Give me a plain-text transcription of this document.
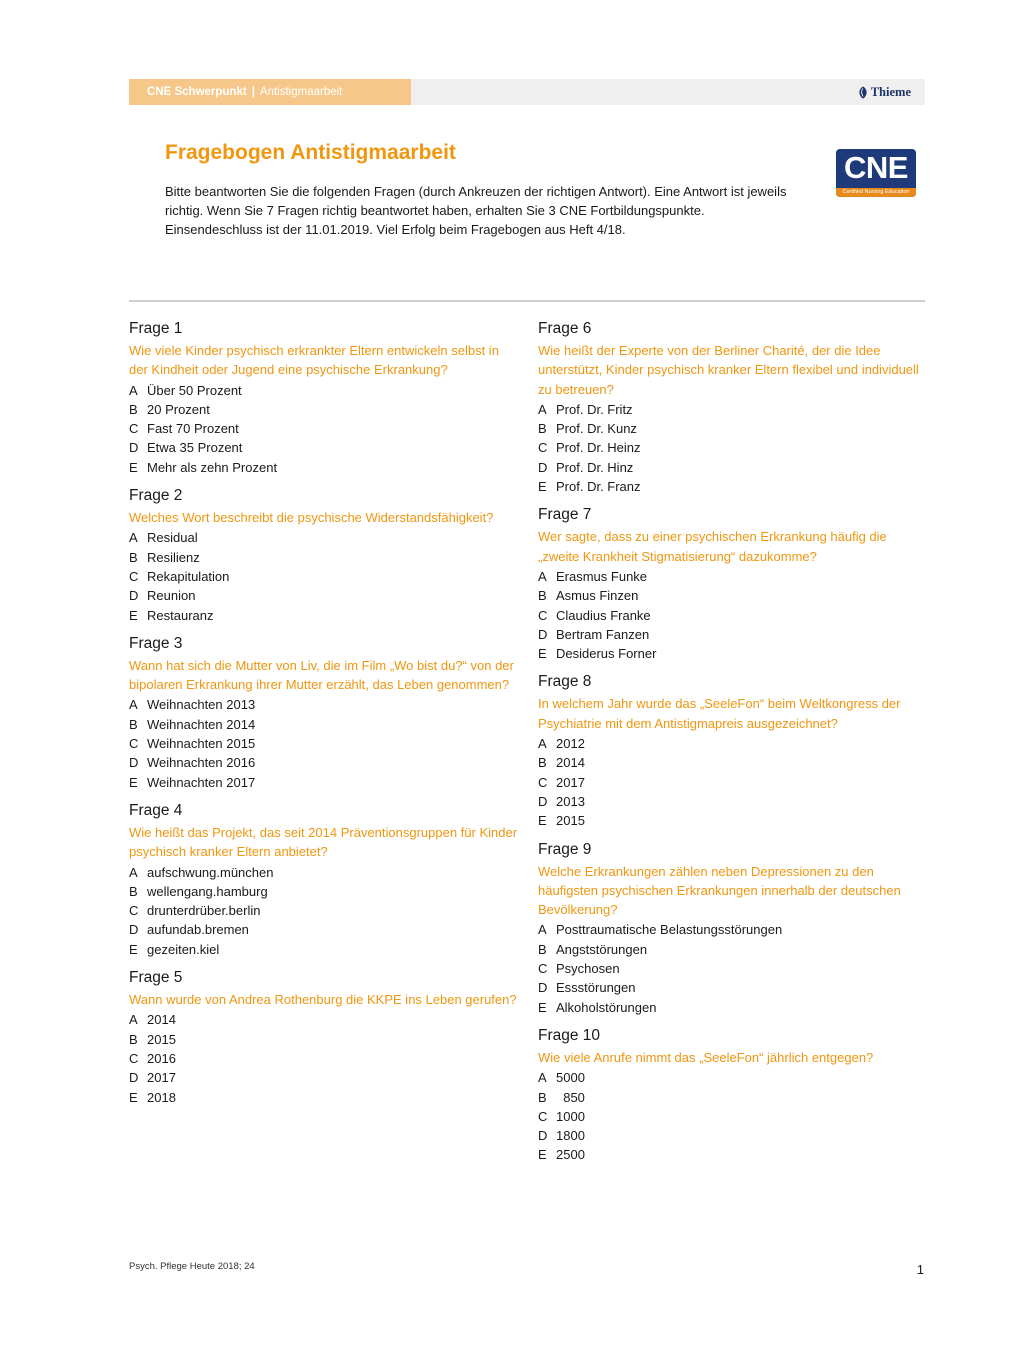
CNE Schwerpunkt | Antistigmaarbeit	Thieme
Fragebogen Antistigmaarbeit

Bitte beantworten Sie die folgenden Fragen (durch Ankreuzen der richtigen Antwort). Eine Antwort ist jeweils richtig. Wenn Sie 7 Fragen richtig beantwortet haben, erhalten Sie 3 CNE Fortbildungspunkte. Einsendeschluss ist der 11.01.2019. Viel Erfolg beim Fragebogen aus Heft 4/18.

CNE
Certified Nursing Education
Frage 1
Wie viele Kinder psychisch erkrankter Eltern entwickeln selbst in der Kindheit oder Jugend eine psychische Erkrankung?
A Über 50 Prozent
B 20 Prozent
C Fast 70 Prozent
D Etwa 35 Prozent
E Mehr als zehn Prozent
Frage 2
Welches Wort beschreibt die psychische Widerstandsfähigkeit?
A Residual
B Resilienz
C Rekapitulation
D Reunion
E Restauranz
Frage 3
Wann hat sich die Mutter von Liv, die im Film „Wo bist du?“ von der bipolaren Erkrankung ihrer Mutter erzählt, das Leben genommen?
A Weihnachten 2013
B Weihnachten 2014
C Weihnachten 2015
D Weihnachten 2016
E Weihnachten 2017
Frage 4
Wie heißt das Projekt, das seit 2014 Präventionsgruppen für Kinder psychisch kranker Eltern anbietet?
A aufschwung.münchen
B wellengang.hamburg
C drunterdrüber.berlin
D aufundab.bremen
E gezeiten.kiel
Frage 5
Wann wurde von Andrea Rothenburg die KKPE ins Leben gerufen?
A 2014
B 2015
C 2016
D 2017
E 2018
Frage 6
Wie heißt der Experte von der Berliner Charité, der die Idee unterstützt, Kinder psychisch kranker Eltern flexibel und individuell zu betreuen?
A Prof. Dr. Fritz
B Prof. Dr. Kunz
C Prof. Dr. Heinz
D Prof. Dr. Hinz
E Prof. Dr. Franz
Frage 7
Wer sagte, dass zu einer psychischen Erkrankung häufig die „zweite Krankheit Stigmatisierung“ dazukomme?
A Erasmus Funke
B Asmus Finzen
C Claudius Franke
D Bertram Fanzen
E Desiderus Forner
Frage 8
In welchem Jahr wurde das „SeeleFon“ beim Weltkongress der Psychiatrie mit dem Antistigmapreis ausgezeichnet?
A 2012
B 2014
C 2017
D 2013
E 2015
Frage 9
Welche Erkrankungen zählen neben Depressionen zu den häufigsten psychischen Erkrankungen innerhalb der deutschen Bevölkerung?
A Posttraumatische Belastungsstörungen
B Angststörungen
C Psychosen
D Essstörungen
E Alkoholstörungen
Frage 10
Wie viele Anrufe nimmt das „SeeleFon“ jährlich entgegen?
A 5000
B 850
C 1000
D 1800
E 2500
Psych. Pflege Heute 2018; 24	1
